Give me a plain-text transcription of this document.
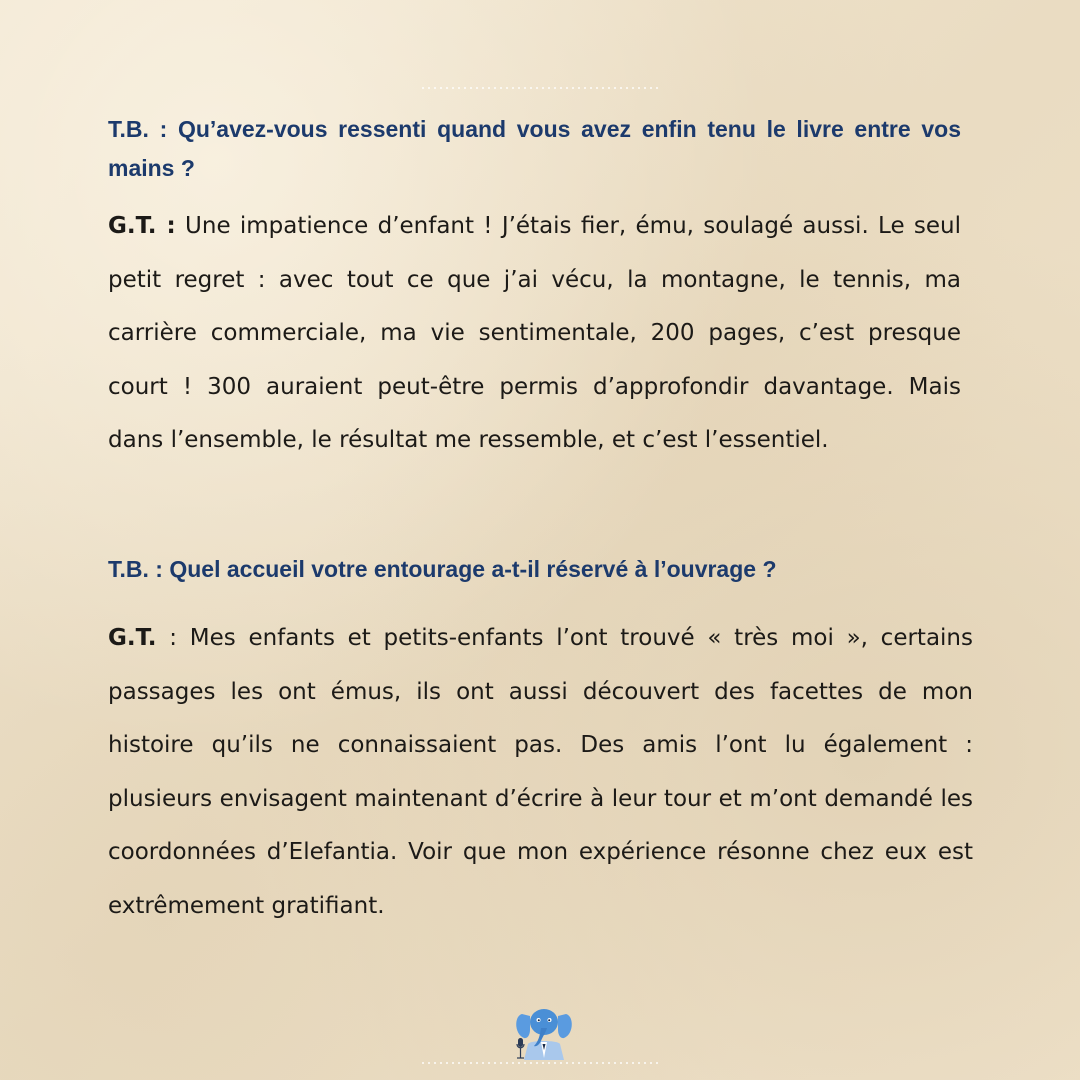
T.B. : Qu’avez-vous ressenti quand vous avez enfin tenu le livre entre vos mains ?

G.T. : Une impatience d’enfant ! J’étais fier, ému, soulagé aussi. Le seul petit regret : avec tout ce que j’ai vécu, la montagne, le tennis, ma carrière commerciale, ma vie sentimentale, 200 pages, c’est presque court ! 300 auraient peut-être permis d’approfondir davantage. Mais dans l’ensemble, le résultat me ressemble, et c’est l’essentiel.

T.B. : Quel accueil votre entourage a-t-il réservé à l’ouvrage ?

G.T. : Mes enfants et petits-enfants l’ont trouvé « très moi », certains passages les ont émus, ils ont aussi découvert des facettes de mon histoire qu’ils ne connaissaient pas. Des amis l’ont lu également : plusieurs envisagent maintenant d’écrire à leur tour et m’ont demandé les coordonnées d’Elefantia. Voir que mon expérience résonne chez eux est extrêmement gratifiant.
